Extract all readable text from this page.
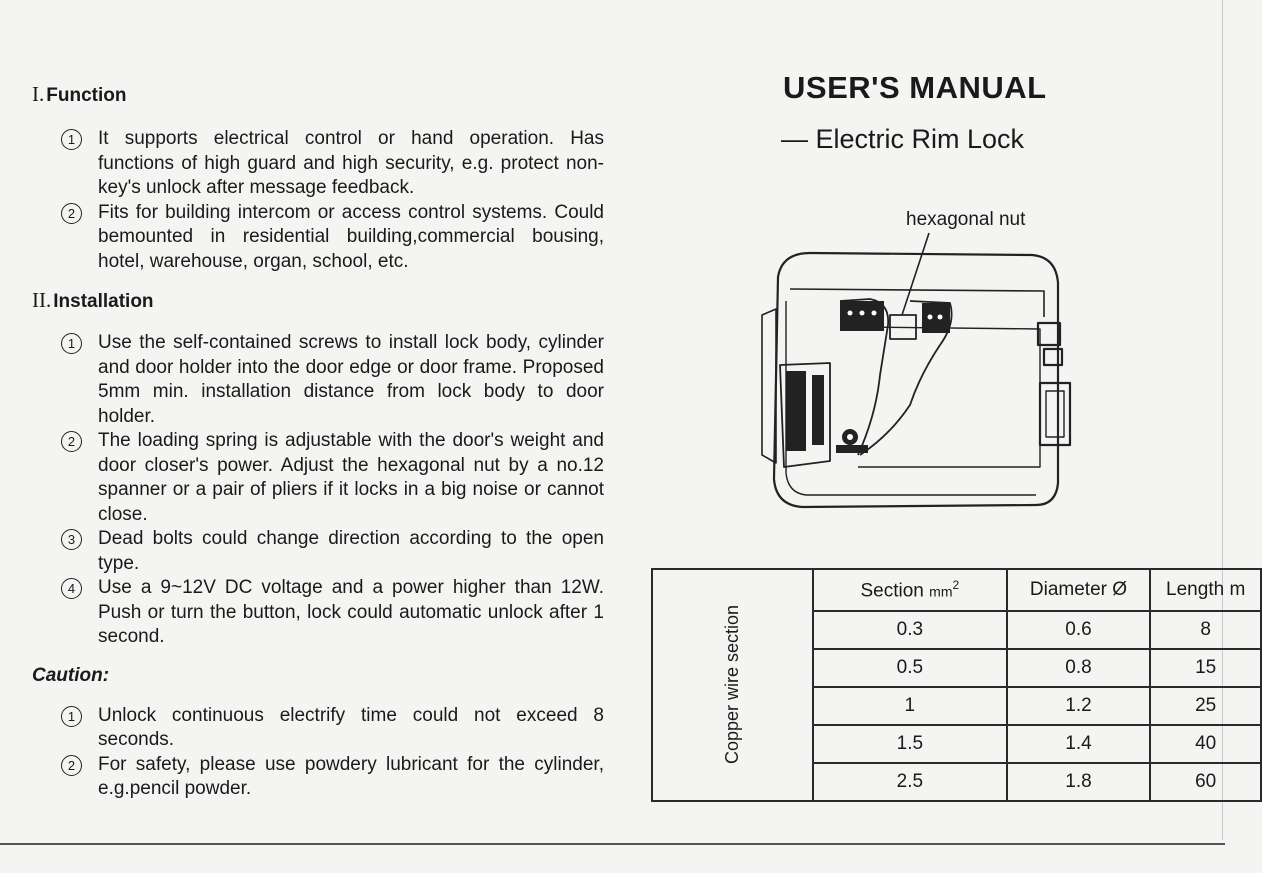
I. Function
1	It supports electrical control or hand operation. Has functions of high guard and high security, e.g. protect non-key's unlock after message feedback.
2	Fits for building intercom or access control systems. Could bemounted in residential building,commercial bousing, hotel, warehouse, organ, school, etc.
II. Installation
1	Use the self-contained screws to install lock body, cylinder and door holder into the door edge or door frame. Proposed 5mm min. installation distance from lock body to door holder.
2	The loading spring is adjustable with the door's weight and door closer's power. Adjust the hexagonal nut by a no.12 spanner or a pair of pliers if it locks in a big noise or cannot close.
3	Dead bolts could change direction according to the open type.
4	Use a 9~12V DC voltage and a power higher than 12W. Push or turn the button, lock could automatic unlock after 1 second.
Caution:
1	Unlock continuous electrify time could not exceed 8 seconds.
2	For safety, please use powdery lubricant for the cylinder, e.g.pencil powder.
USER'S MANUAL
— Electric Rim Lock
hexagonal nut
Copper wire section	Section $mm^2$	Diameter Ø	Length m
	0.3	0.6	8
	0.5	0.8	15
	1	1.2	25
	1.5	1.4	40
	2.5	1.8	60
